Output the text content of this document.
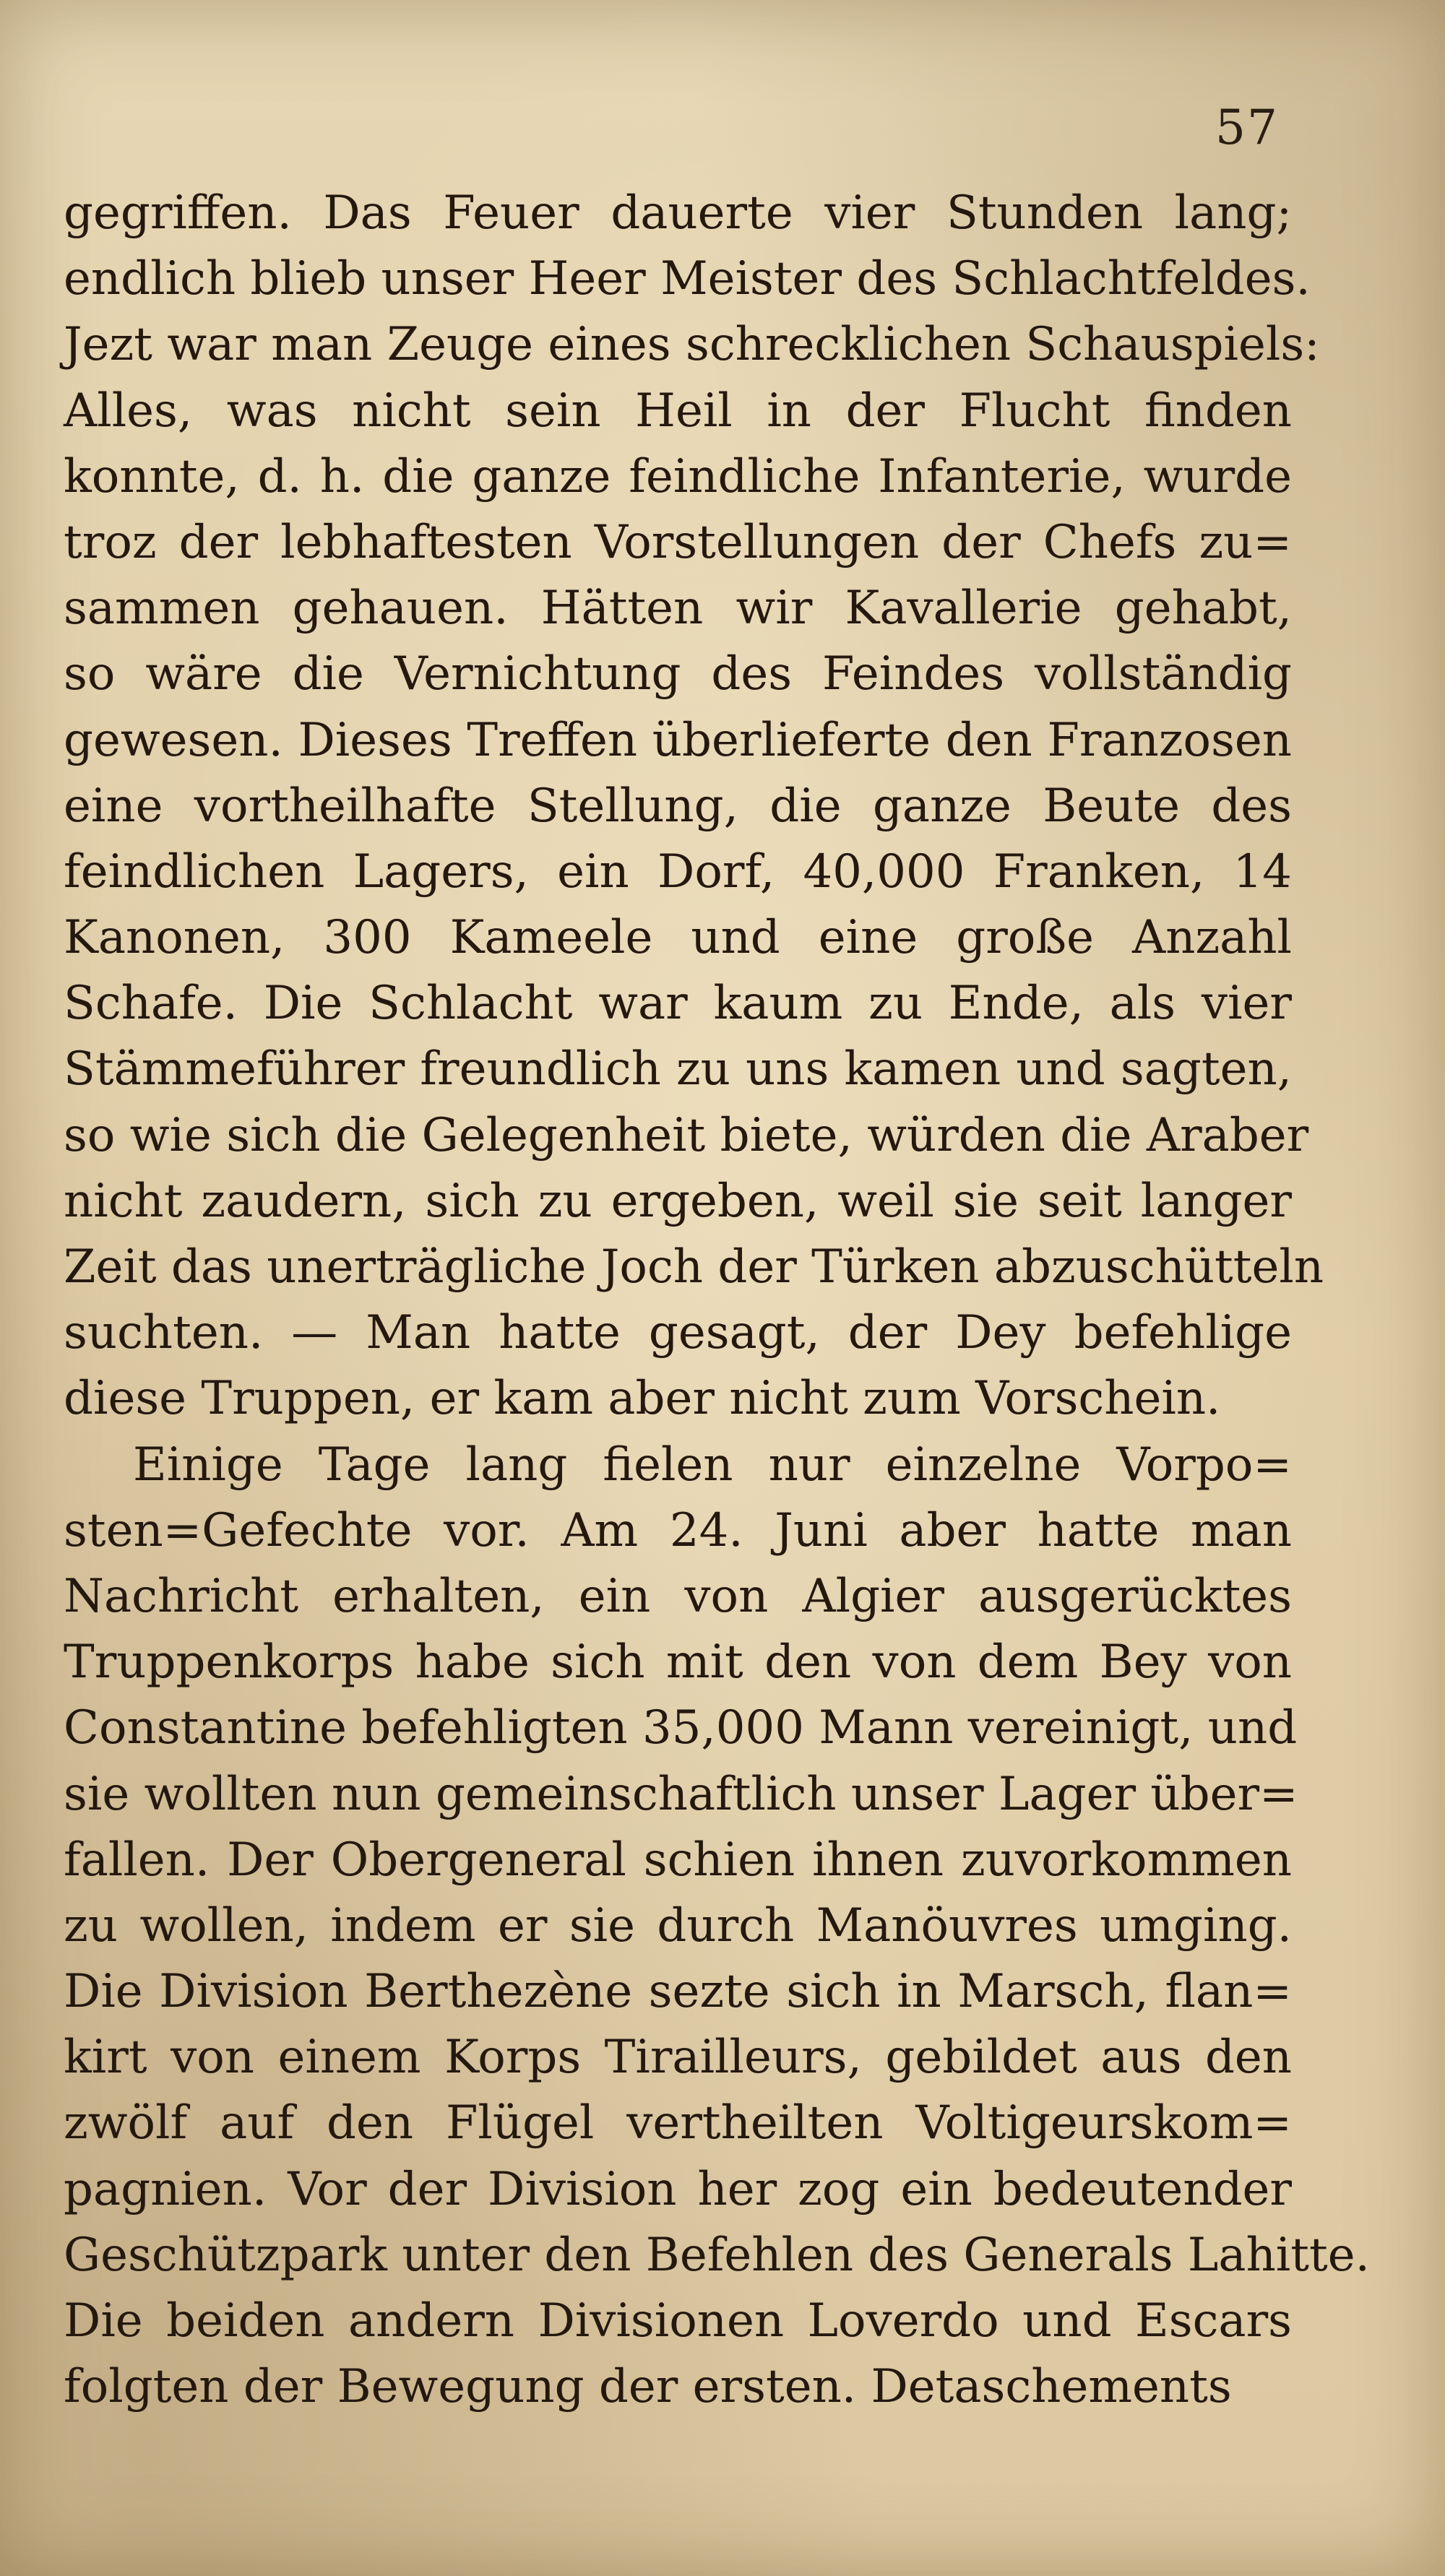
57
gegriffen. Das Feuer dauerte vier Stunden lang;
endlich blieb unser Heer Meister des Schlachtfeldes.
Jezt war man Zeuge eines schrecklichen Schauspiels:
Alles, was nicht sein Heil in der Flucht finden
konnte, d. h. die ganze feindliche Infanterie, wurde
troz der lebhaftesten Vorstellungen der Chefs zu=
sammen gehauen. Hätten wir Kavallerie gehabt,
so wäre die Vernichtung des Feindes vollständig
gewesen. Dieses Treffen überlieferte den Franzosen
eine vortheilhafte Stellung, die ganze Beute des
feindlichen Lagers, ein Dorf, 40,000 Franken, 14
Kanonen, 300 Kameele und eine große Anzahl
Schafe. Die Schlacht war kaum zu Ende, als vier
Stämmeführer freundlich zu uns kamen und sagten,
so wie sich die Gelegenheit biete, würden die Araber
nicht zaudern, sich zu ergeben, weil sie seit langer
Zeit das unerträgliche Joch der Türken abzuschütteln
suchten. — Man hatte gesagt, der Dey befehlige
diese Truppen, er kam aber nicht zum Vorschein.
Einige Tage lang fielen nur einzelne Vorpo=
sten=Gefechte vor. Am 24. Juni aber hatte man
Nachricht erhalten, ein von Algier ausgerücktes
Truppenkorps habe sich mit den von dem Bey von
Constantine befehligten 35,000 Mann vereinigt, und
sie wollten nun gemeinschaftlich unser Lager über=
fallen. Der Obergeneral schien ihnen zuvorkommen
zu wollen, indem er sie durch Manöuvres umging.
Die Division Berthezène sezte sich in Marsch, flan=
kirt von einem Korps Tirailleurs, gebildet aus den
zwölf auf den Flügel vertheilten Voltigeurskom=
pagnien. Vor der Division her zog ein bedeutender
Geschützpark unter den Befehlen des Generals Lahitte.
Die beiden andern Divisionen Loverdo und Escars
folgten der Bewegung der ersten. Detaschements
